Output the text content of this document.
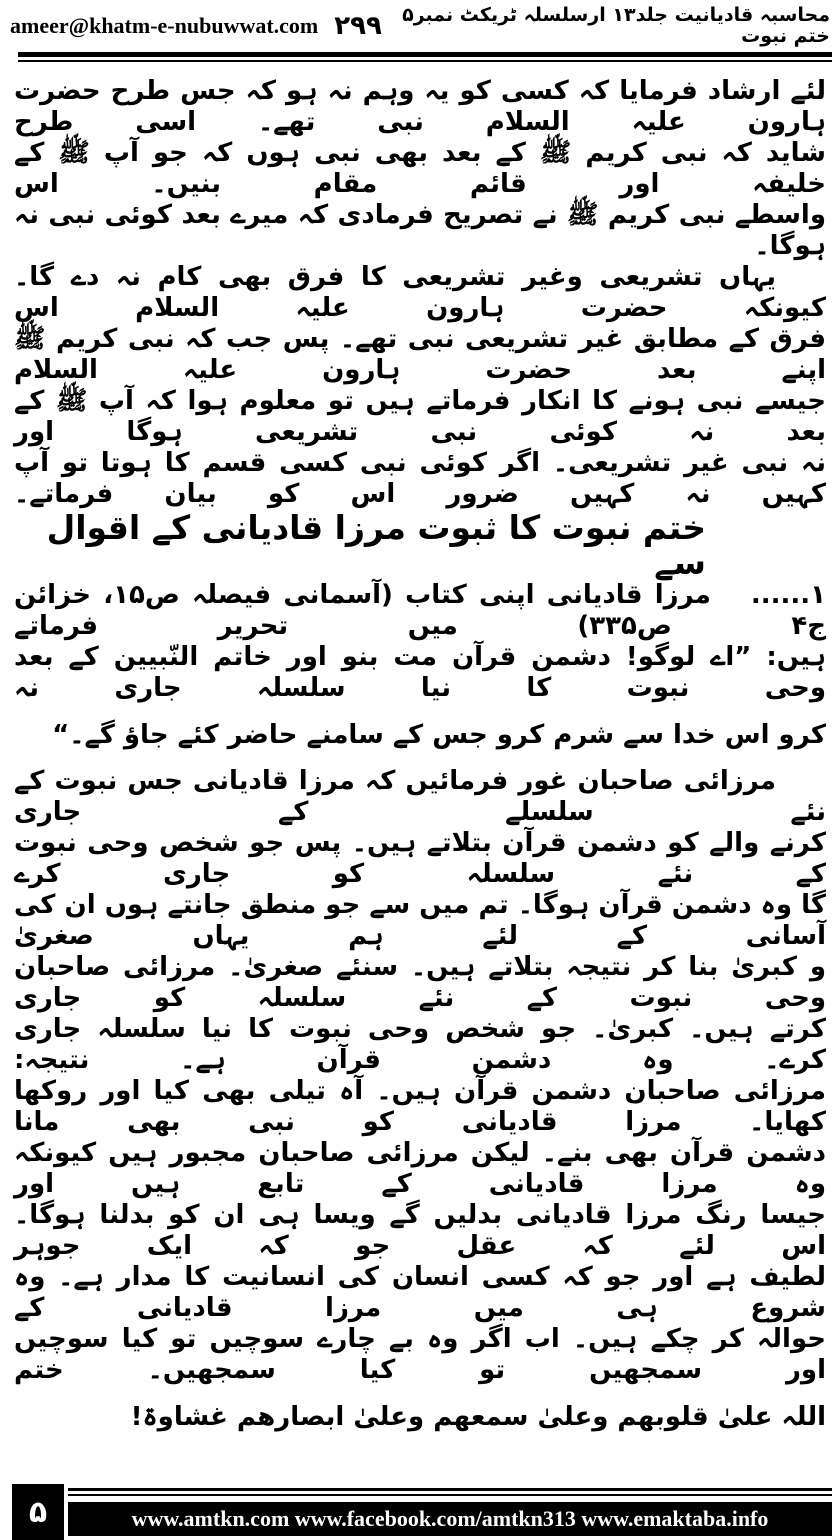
ameer@khatm-e-nubuwwat.com ۲۹۹	محاسبہ قادیانیت جلد۱۳ ارسلسلہ ٹریکٹ نمبر۵ ختم نبوت
لئے ارشاد فرمایا کہ کسی کو یہ وہم نہ ہو کہ جس طرح حضرت ہارون علیہ السلام نبی تھے۔ اسی طرح
شاید کہ نبی کریم ﷺ کے بعد بھی نبی ہوں کہ جو آپ ﷺ کے خلیفہ اور قائم مقام بنیں۔ اس
واسطے نبی کریم ﷺ نے تصریح فرمادی کہ میرے بعد کوئی نبی نہ ہوگا۔
یہاں تشریعی وغیر تشریعی کا فرق بھی کام نہ دے گا۔ کیونکہ حضرت ہارون علیہ السلام اس
فرق کے مطابق غیر تشریعی نبی تھے۔ پس جب کہ نبی کریم ﷺ اپنے بعد حضرت ہارون علیہ السلام
جیسے نبی ہونے کا انکار فرماتے ہیں تو معلوم ہوا کہ آپ ﷺ کے بعد نہ کوئی نبی تشریعی ہوگا اور
نہ نبی غیر تشریعی۔ اگر کوئی نبی کسی قسم کا ہوتا تو آپ کہیں نہ کہیں ضرور اس کو بیان فرماتے۔
ختم نبوت کا ثبوت مرزا قادیانی کے اقوال سے
۱......مرزا قادیانی اپنی کتاب (آسمانی فیصلہ ص۱۵، خزائن ج۴ ص۳۳۵) میں تحریر فرماتے
ہیں: ”اے لوگو! دشمن قرآن مت بنو اور خاتم النّبیین کے بعد وحی نبوت کا نیا سلسلہ جاری نہ
کرو اس خدا سے شرم کرو جس کے سامنے حاضر کئے جاؤ گے۔“
مرزائی صاحبان غور فرمائیں کہ مرزا قادیانی جس نبوت کے نئے سلسلے کے جاری
کرنے والے کو دشمن قرآن بتلاتے ہیں۔ پس جو شخص وحی نبوت کے نئے سلسلہ کو جاری کرے
گا وہ دشمن قرآن ہوگا۔ تم میں سے جو منطق جانتے ہوں ان کی آسانی کے لئے ہم یہاں صغریٰ
و کبریٰ بنا کر نتیجہ بتلاتے ہیں۔ سنئے صغریٰ۔ مرزائی صاحبان وحی نبوت کے نئے سلسلہ کو جاری
کرتے ہیں۔ کبریٰ۔ جو شخص وحی نبوت کا نیا سلسلہ جاری کرے۔ وہ دشمن قرآن ہے۔ نتیجہ:
مرزائی صاحبان دشمن قرآن ہیں۔ آہ تیلی بھی کیا اور روکھا کھایا۔ مرزا قادیانی کو نبی بھی مانا
دشمن قرآن بھی بنے۔ لیکن مرزائی صاحبان مجبور ہیں کیونکہ وہ مرزا قادیانی کے تابع ہیں اور
جیسا رنگ مرزا قادیانی بدلیں گے ویسا ہی ان کو بدلنا ہوگا۔ اس لئے کہ عقل جو کہ ایک جوہر
لطیف ہے اور جو کہ کسی انسان کی انسانیت کا مدار ہے۔ وہ شروع ہی میں مرزا قادیانی کے
حوالہ کر چکے ہیں۔ اب اگر وہ بے چارے سوچیں تو کیا سوچیں اور سمجھیں تو کیا سمجھیں۔ ختم
اللہ علیٰ قلوبھم وعلیٰ سمعھم وعلیٰ ابصارھم غشاوۃ!
۵	www.amtkn.com www.facebook.com/amtkn313 www.emaktaba.info
